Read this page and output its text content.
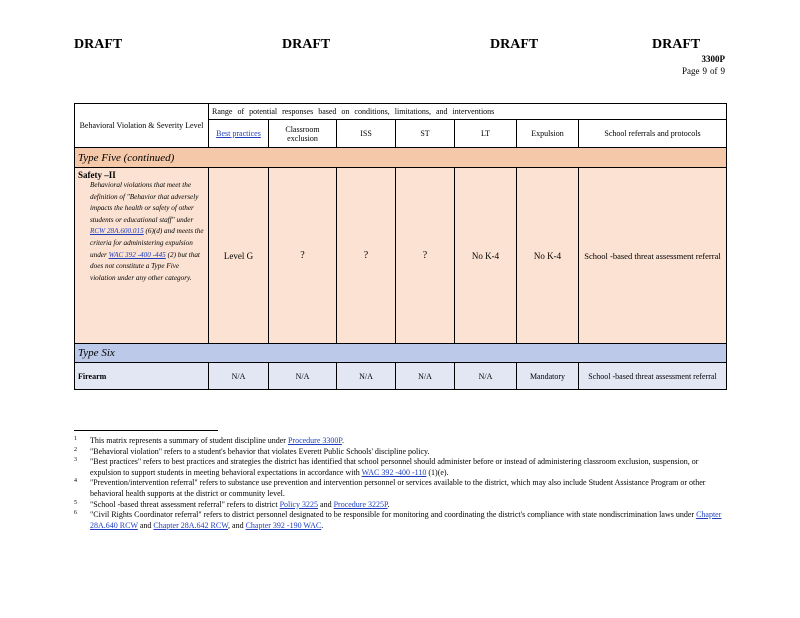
DRAFT	DRAFT	DRAFT	DRAFT
3300P
Page 9 of 9
Behavioral Violation & Severity Level	Range of potential responses based on conditions, limitations, and interventions						
	Best practices	Classroom exclusion	ISS	ST	LT	Expulsion	School referrals and protocols
Type Five (continued)							

Safety –II
Behavioral violations that meet the definition of "Behavior that adversely impacts the health or safety of other students or educational staff" under RCW 28A.600.015 (6)(d) and meets the criteria for administering expulsion under WAC 392 -400 -445 (2) but that does not constitute a Type Five violation under any other category.	Level G	?	?	?	No K-4	No K-4	School -based threat assessment referral
Type Six							
Firearm	N/A	N/A	N/A	N/A	N/A	Mandatory	School -based threat assessment referral
1 This matrix represents a summary of student discipline under Procedure 3300P.
2 "Behavioral violation" refers to a student's behavior that violates Everett Public Schools' discipline policy.
3 "Best practices" refers to best practices and strategies the district has identified that school personnel should administer before or instead of administering classroom exclusion, suspension, or expulsion to support students in meeting behavioral expectations in accordance with WAC 392 -400 -110 (1)(e).
4 "Prevention/intervention referral" refers to substance use prevention and intervention personnel or services available to the district, which may also include Student Assistance Program or other behavioral health supports at the district or community level.
5 "School -based threat assessment referral" refers to district Policy 3225 and Procedure 3225P.
6 "Civil Rights Coordinator referral" refers to district personnel designated to be responsible for monitoring and coordinating the district's compliance with state nondiscrimination laws under Chapter 28A.640 RCW and Chapter 28A.642 RCW, and Chapter 392 -190 WAC.
